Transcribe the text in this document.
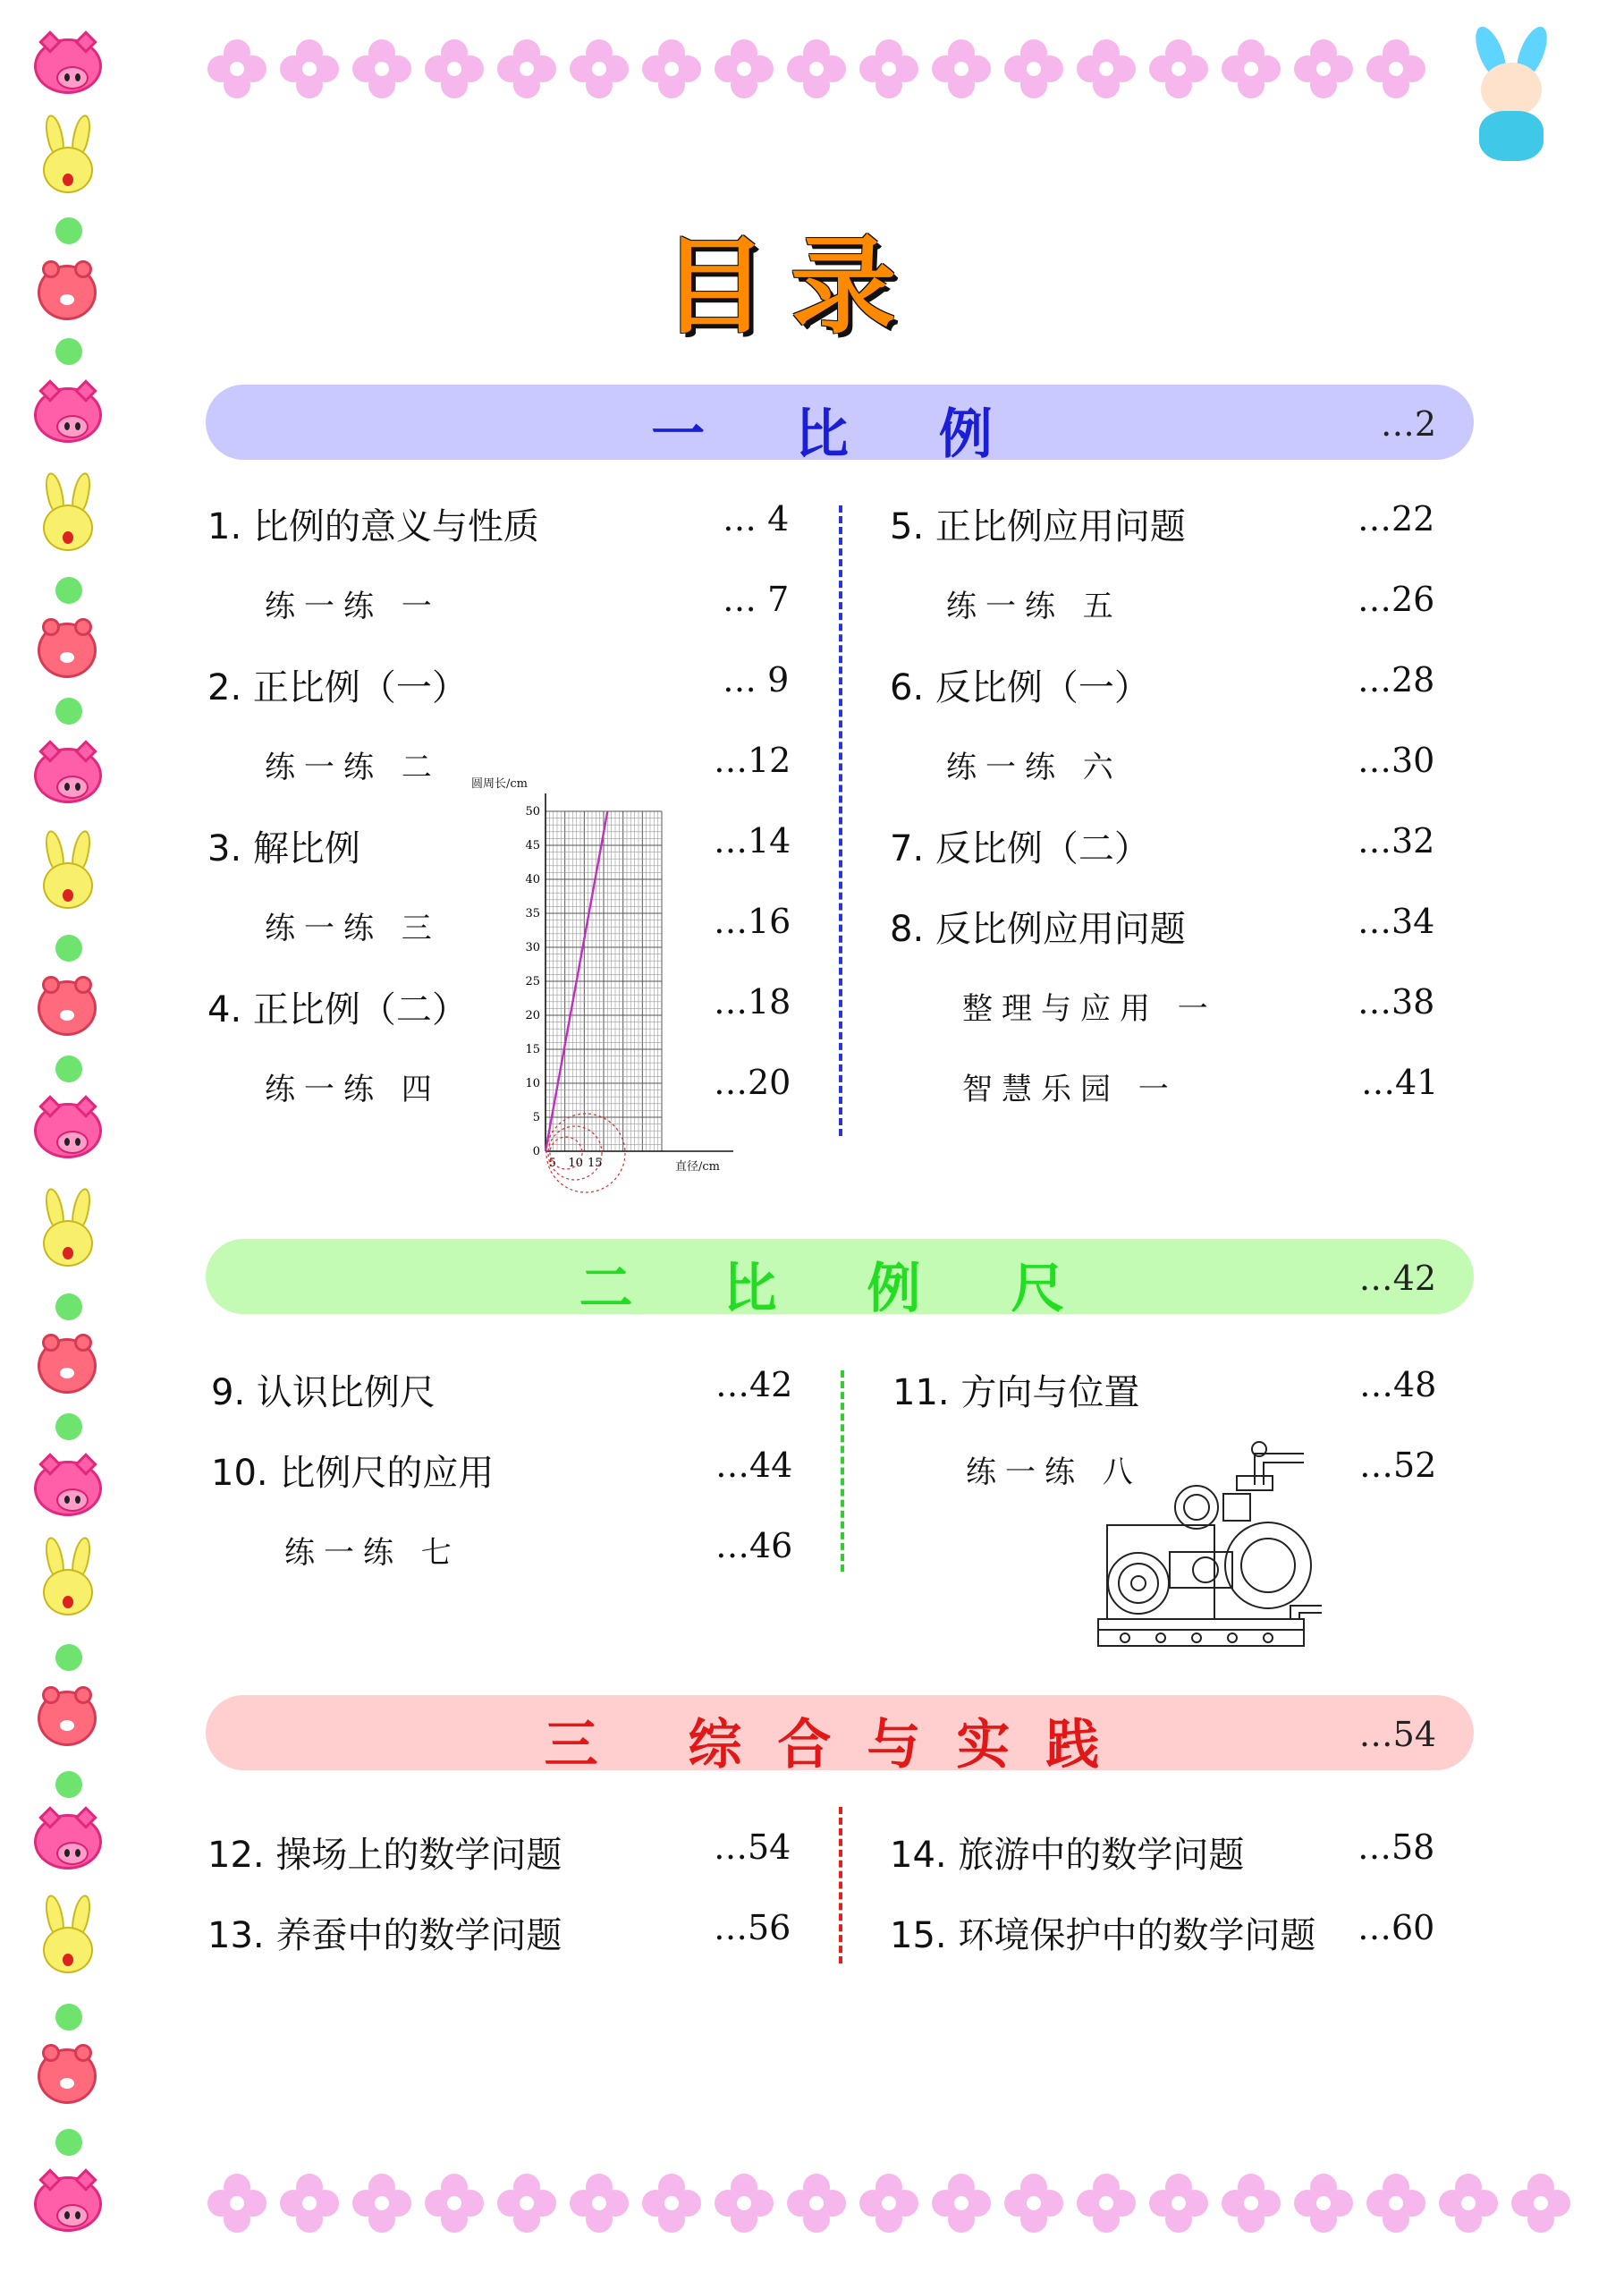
目录
一 比 例	…2
1. 比例的意义与性质	… 4
练一练 一	… 7
2. 正比例（一）	… 9
练一练 二	…12
3. 解比例	…14
练一练 三	…16
4. 正比例（二）	…18
练一练 四	…20
5. 正比例应用问题	…22
练一练 五	…26
6. 反比例（一）	…28
练一练 六	…30
7. 反比例（二）	…32
8. 反比例应用问题	…34
整理与应用 一	…38
智慧乐园 一	…41
圆周长/cm
直径/cm
0
5
10
15
20
25
30
35
40
45
50
5 10 15
二 比 例 尺	…42
9. 认识比例尺	…42
10. 比例尺的应用	…44
练一练 七	…46
11. 方向与位置	…48
练一练 八	…52
三 综合与实践	…54
12. 操场上的数学问题	…54
13. 养蚕中的数学问题	…56
14. 旅游中的数学问题	…58
15. 环境保护中的数学问题 …60
